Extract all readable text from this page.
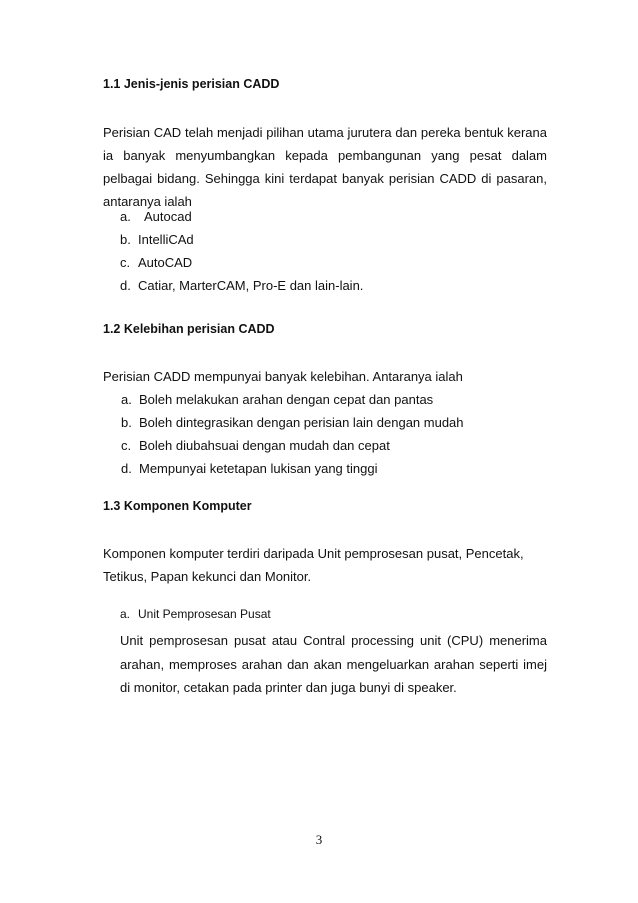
1.1 Jenis-jenis perisian CADD

Perisian CAD telah menjadi pilihan utama jurutera dan pereka bentuk kerana ia banyak menyumbangkan kepada pembangunan yang pesat dalam pelbagai bidang. Sehingga kini terdapat banyak perisian CADD di pasaran, antaranya ialah

a. Autocad
b. IntelliCAd
c. AutoCAD
d. Catiar, MarterCAM, Pro-E dan lain-lain.
1.2 Kelebihan perisian CADD

Perisian CADD mempunyai banyak kelebihan. Antaranya ialah

a. Boleh melakukan arahan dengan cepat dan pantas
b. Boleh dintegrasikan dengan perisian lain dengan mudah
c. Boleh diubahsuai dengan mudah dan cepat
d. Mempunyai ketetapan lukisan yang tinggi
1.3 Komponen Komputer

Komponen komputer terdiri daripada Unit pemprosesan pusat, Pencetak,
Tetikus, Papan kekunci dan Monitor.

a. Unit Pemprosesan Pusat

Unit pemprosesan pusat atau Contral processing unit (CPU) menerima arahan, memproses arahan dan akan mengeluarkan arahan seperti imej di monitor, cetakan pada printer dan juga bunyi di speaker.

3
